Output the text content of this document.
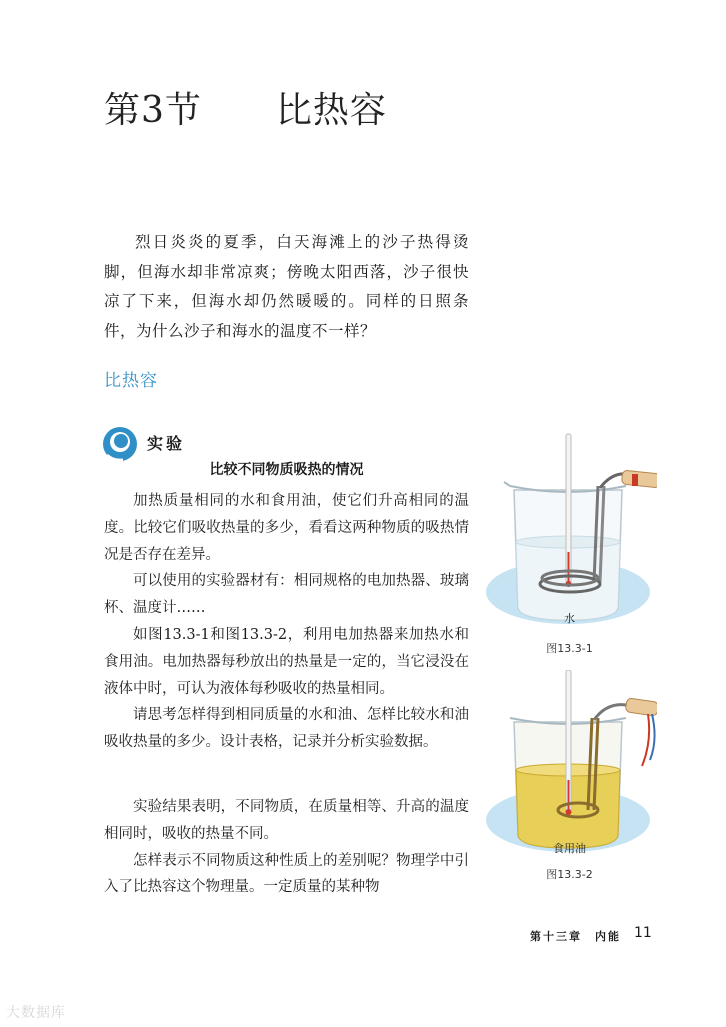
第3节　　比热容

烈日炎炎的夏季，白天海滩上的沙子热得烫脚，但海水却非常凉爽；傍晚太阳西落，沙子很快凉了下来，但海水却仍然暖暖的。同样的日照条件，为什么沙子和海水的温度不一样？

比热容
实验
比较不同物质吸热的情况

加热质量相同的水和食用油，使它们升高相同的温度。比较它们吸收热量的多少，看看这两种物质的吸热情况是否存在差异。

可以使用的实验器材有：相同规格的电加热器、玻璃杯、温度计……

如图13.3-1和图13.3-2，利用电加热器来加热水和食用油。电加热器每秒放出的热量是一定的，当它浸没在液体中时，可认为液体每秒吸收的热量相同。

请思考怎样得到相同质量的水和油、怎样比较水和油吸收热量的多少。设计表格，记录并分析实验数据。

实验结果表明，不同物质，在质量相等、升高的温度相同时，吸收的热量不同。

怎样表示不同物质这种性质上的差别呢？物理学中引入了比热容这个物理量。一定质量的某种物

水
图13.3-1
食用油
图13.3-2
第十三章　内能 11
大数据库
